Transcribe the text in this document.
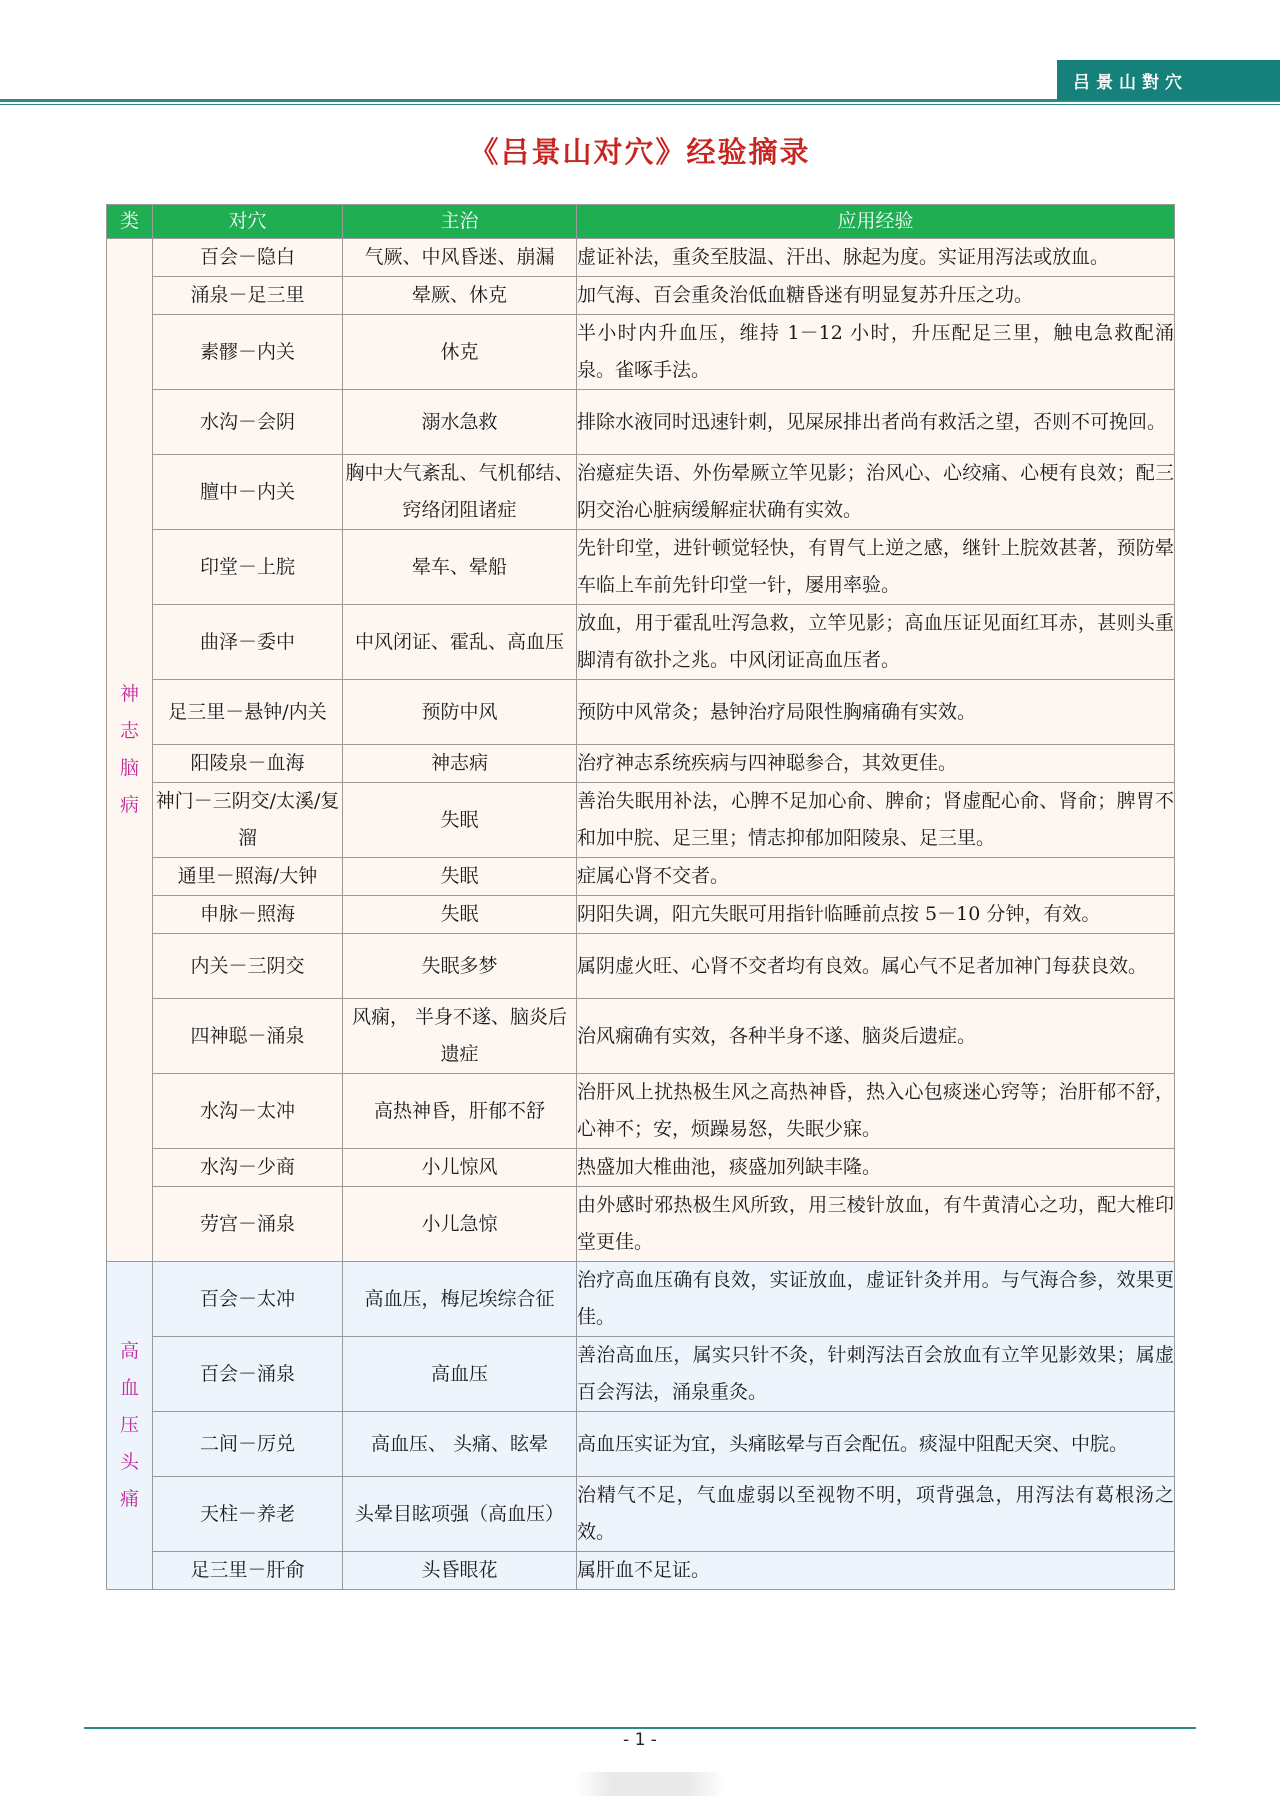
吕景山對穴
《吕景山对穴》经验摘录
类	对穴	主治	应用经验

神
志
脑
病	百会－隐白	气厥、中风昏迷、崩漏	虚证补法，重灸至肢温、汗出、脉起为度。实证用泻法或放血。
	涌泉－足三里	晕厥、休克	加气海、百会重灸治低血糖昏迷有明显复苏升压之功。
	素髎－内关	休克	半小时内升血压，维持 1－12 小时，升压配足三里，触电急救配涌泉。雀啄手法。
	水沟－会阴	溺水急救	排除水液同时迅速针刺，见屎尿排出者尚有救活之望，否则不可挽回。
	膻中－内关	胸中大气紊乱、气机郁结、窍络闭阻诸症	治癔症失语、外伤晕厥立竿见影；治风心、心绞痛、心梗有良效；配三阴交治心脏病缓解症状确有实效。
	印堂－上脘	晕车、晕船	先针印堂，进针顿觉轻快，有胃气上逆之感，继针上脘效甚著，预防晕车临上车前先针印堂一针，屡用率验。
	曲泽－委中	中风闭证、霍乱、高血压	放血，用于霍乱吐泻急救，立竿见影；高血压证见面红耳赤，甚则头重脚清有欲扑之兆。中风闭证高血压者。
	足三里－悬钟/内关	预防中风	预防中风常灸；悬钟治疗局限性胸痛确有实效。
	阳陵泉－血海	神志病	治疗神志系统疾病与四神聪参合，其效更佳。
	神门－三阴交/太溪/复溜	失眠	善治失眠用补法，心脾不足加心俞、脾俞；肾虚配心俞、肾俞；脾胃不和加中脘、足三里；情志抑郁加阳陵泉、足三里。
	通里－照海/大钟	失眠	症属心肾不交者。
	申脉－照海	失眠	阴阳失调，阳亢失眠可用指针临睡前点按 5－10 分钟，有效。
	内关－三阴交	失眠多梦	属阴虚火旺、心肾不交者均有良效。属心气不足者加神门每获良效。
	四神聪－涌泉	风痫， 半身不遂、脑炎后遗症	治风痫确有实效，各种半身不遂、脑炎后遗症。
	水沟－太冲	高热神昏，肝郁不舒	治肝风上扰热极生风之高热神昏，热入心包痰迷心窍等；治肝郁不舒，心神不；安，烦躁易怒，失眠少寐。
	水沟－少商	小儿惊风	热盛加大椎曲池，痰盛加列缺丰隆。
	劳宫－涌泉	小儿急惊	由外感时邪热极生风所致，用三棱针放血，有牛黄清心之功，配大椎印堂更佳。

高
血
压
头
痛	百会－太冲	高血压，梅尼埃综合征	治疗高血压确有良效，实证放血，虚证针灸并用。与气海合参，效果更佳。
	百会－涌泉	高血压	善治高血压，属实只针不灸，针刺泻法百会放血有立竿见影效果；属虚百会泻法，涌泉重灸。
	二间－厉兑	高血压、 头痛、眩晕	高血压实证为宜，头痛眩晕与百会配伍。痰湿中阻配天突、中脘。
	天柱－养老	头晕目眩项强（高血压）	治精气不足，气血虚弱以至视物不明，项背强急，用泻法有葛根汤之效。
	足三里－肝俞	头昏眼花	属肝血不足证。
- 1 -
